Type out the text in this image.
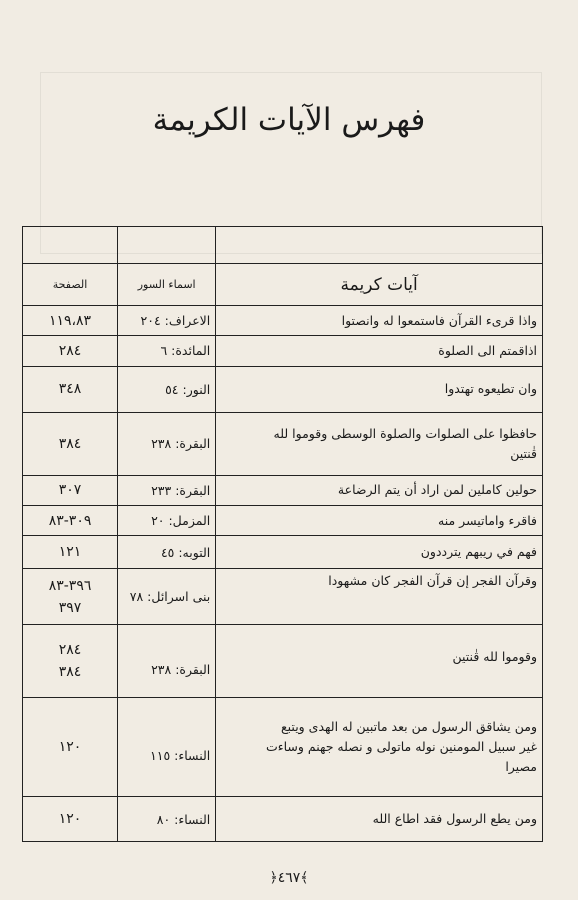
فهرس الآيات الكريمة

آيات كريمة	اسماء السور	الصفحة
واذا قرىء القرآن فاستمعوا له وانصتوا	الاعراف: ٢٠٤	١١٩،٨٣
اذاقمتم الى الصلوة	المائدة: ٦	٢٨٤
وان تطيعوه تهتدوا	النور: ٥٤	٣٤٨

حافظوا على الصلوات والصلوة الوسطى وقوموا لله
قٰنتين	البقرة: ٢٣٨	٣٨٤
حولين كاملين لمن اراد أن يتم الرضاعة	البقرة: ٢٣٣	٣٠٧
فاقرء واماتيسر منه	المزمل: ٢٠	٣٠٩-٨٣
فهم في ريبهم يترددون	التوبه: ٤٥	١٢١
وقرآن الفجر إن قرآن الفجر كان مشهودا	بنى اسرائل: ٧٨	٣٩٦-٨٣
٣٩٧

وقوموا لله قٰنتين	البقرة: ٢٣٨	٢٨٤
٣٨٤

ومن يشاقق الرسول من بعد ماتبين له الهدى ويتبع
غير سبيل المومنين نوله ماتولى و نصله جهنم وساءت
مصيرا	النساء: ١١٥	١٢٠
ومن يطع الرسول فقد اطاع الله	النساء: ٨٠	١٢٠
﴿٤٦٧﴾
